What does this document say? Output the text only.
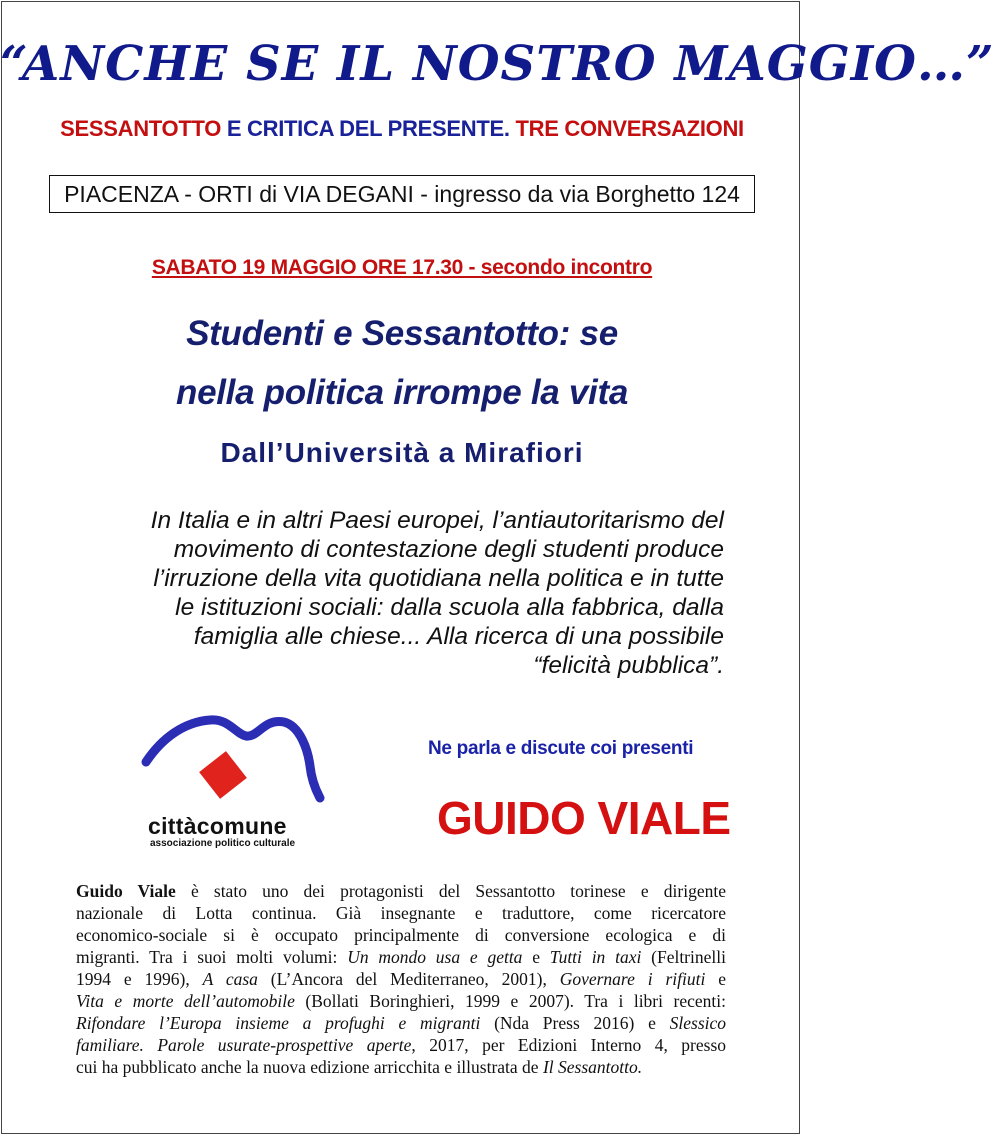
“ANCHE SE IL NOSTRO MAGGIO…”
SESSANTOTTO E CRITICA DEL PRESENTE. TRE CONVERSAZIONI
PIACENZA - ORTI di VIA DEGANI - ingresso da via Borghetto 124
SABATO 19 MAGGIO ORE 17.30 - secondo incontro
Studenti e Sessantotto: se
nella politica irrompe la vita
Dall’Università a Mirafiori
In Italia e in altri Paesi europei, l’antiautoritarismo del
movimento di contestazione degli studenti produce
l’irruzione della vita quotidiana nella politica e in tutte
le istituzioni sociali: dalla scuola alla fabbrica, dalla
famiglia alle chiese... Alla ricerca di una possibile
“felicità pubblica”.
cittàcomune
associazione politico culturale
Ne parla e discute coi presenti
GUIDO VIALE
Guido Viale è stato uno dei protagonisti del Sessantotto torinese e dirigente
nazionale di Lotta continua. Già insegnante e traduttore, come ricercatore
economico-sociale si è occupato principalmente di conversione ecologica e di
migranti. Tra i suoi molti volumi: Un mondo usa e getta e Tutti in taxi (Feltrinelli
1994 e 1996), A casa (L’Ancora del Mediterraneo, 2001), Governare i rifiuti e
Vita e morte dell’automobile (Bollati Boringhieri, 1999 e 2007). Tra i libri recenti:
Rifondare l’Europa insieme a profughi e migranti (Nda Press 2016) e Slessico
familiare. Parole usurate-prospettive aperte, 2017, per Edizioni Interno 4, presso
cui ha pubblicato anche la nuova edizione arricchita e illustrata de Il Sessantotto.
